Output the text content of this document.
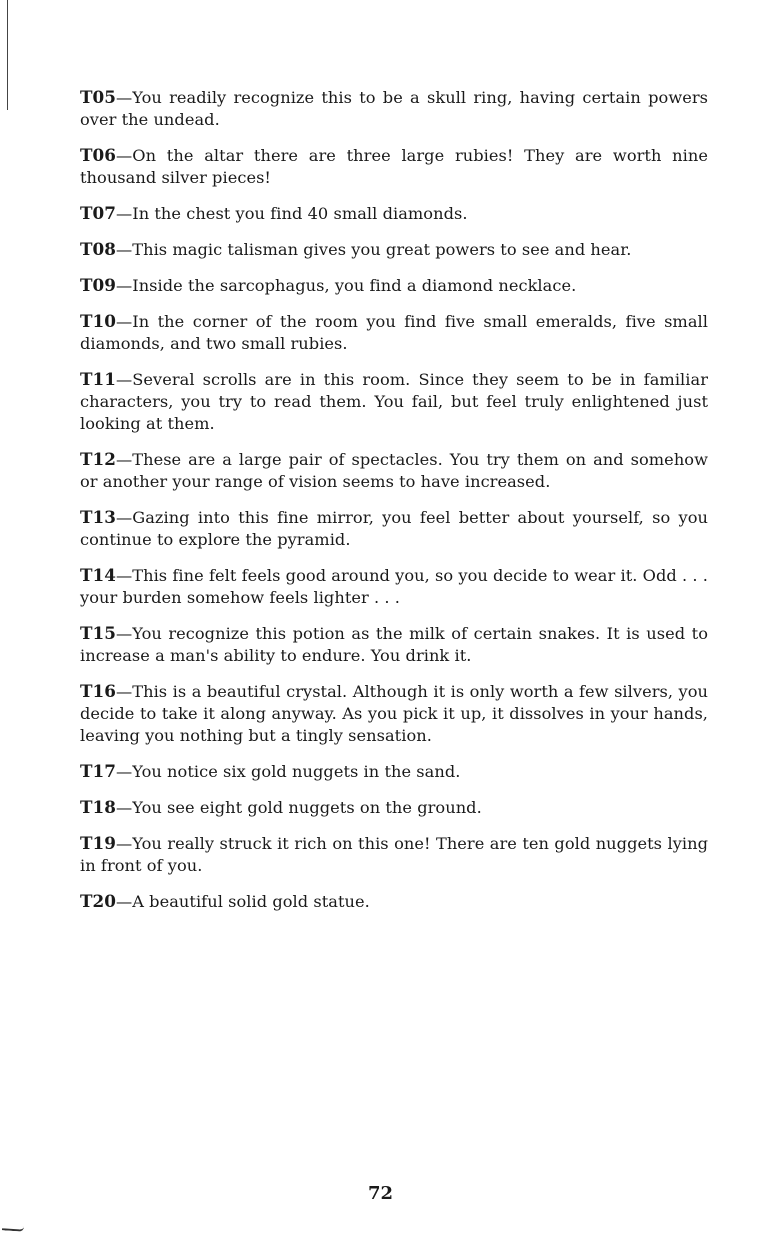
T05—You readily recognize this to be a skull ring, having certain powers over the undead.
T06—On the altar there are three large rubies! They are worth nine thousand silver pieces!
T07—In the chest you find 40 small diamonds.
T08—This magic talisman gives you great powers to see and hear.
T09—Inside the sarcophagus, you find a diamond necklace.
T10—In the corner of the room you find five small emeralds, five small diamonds, and two small rubies.
T11—Several scrolls are in this room. Since they seem to be in familiar characters, you try to read them. You fail, but feel truly enlightened just looking at them.
T12—These are a large pair of spectacles. You try them on and somehow or another your range of vision seems to have increased.
T13—Gazing into this fine mirror, you feel better about yourself, so you continue to explore the pyramid.
T14—This fine felt feels good around you, so you decide to wear it. Odd . . . your burden somehow feels lighter . . .
T15—You recognize this potion as the milk of certain snakes. It is used to increase a man's ability to endure. You drink it.
T16—This is a beautiful crystal. Although it is only worth a few silvers, you decide to take it along anyway. As you pick it up, it dissolves in your hands, leaving you nothing but a tingly sensation.
T17—You notice six gold nuggets in the sand.
T18—You see eight gold nuggets on the ground.
T19—You really struck it rich on this one! There are ten gold nuggets lying in front of you.
T20—A beautiful solid gold statue.
72
